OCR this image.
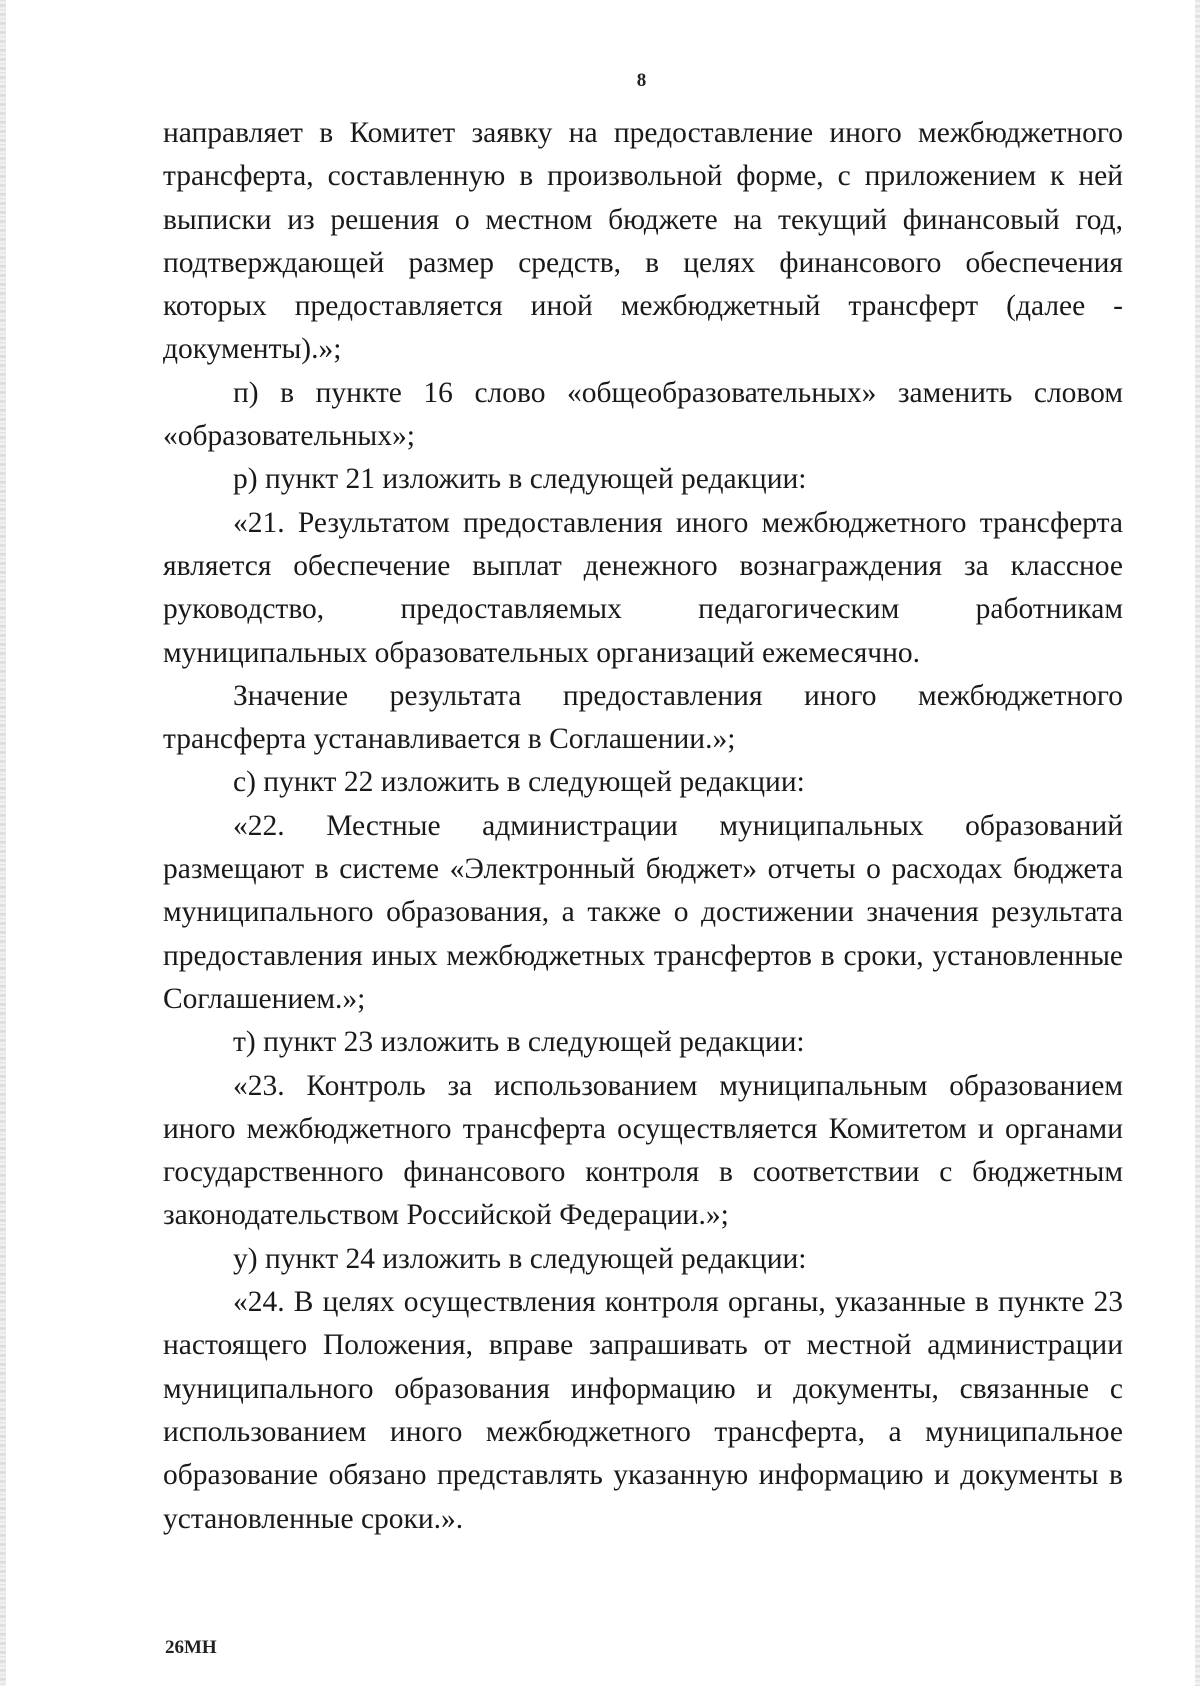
8

направляет в Комитет заявку на предоставление иного межбюджетного трансферта, составленную в произвольной форме, с приложением к ней выписки из решения о местном бюджете на текущий финансовый год, подтверждающей размер средств, в целях финансового обеспечения которых предоставляется иной межбюджетный трансферт (далее - документы).»;

п) в пункте 16 слово «общеобразовательных» заменить словом «образовательных»;

р) пункт 21 изложить в следующей редакции:

«21. Результатом предоставления иного межбюджетного трансферта является обеспечение выплат денежного вознаграждения за классное руководство, предоставляемых педагогическим работникам муниципальных образовательных организаций ежемесячно.

Значение результата предоставления иного межбюджетного трансферта устанавливается в Соглашении.»;

с) пункт 22 изложить в следующей редакции:

«22. Местные администрации муниципальных образований размещают в системе «Электронный бюджет» отчеты о расходах бюджета муниципального образования, а также о достижении значения результата предоставления иных межбюджетных трансфертов в сроки, установленные Соглашением.»;

т) пункт 23 изложить в следующей редакции:

«23. Контроль за использованием муниципальным образованием иного межбюджетного трансферта осуществляется Комитетом и органами государственного финансового контроля в соответствии с бюджетным законодательством Российской Федерации.»;

у) пункт 24 изложить в следующей редакции:

«24. В целях осуществления контроля органы, указанные в пункте 23 настоящего Положения, вправе запрашивать от местной администрации муниципального образования информацию и документы, связанные с использованием иного межбюджетного трансферта, а муниципальное образование обязано представлять указанную информацию и документы в установленные сроки.».

26МН
